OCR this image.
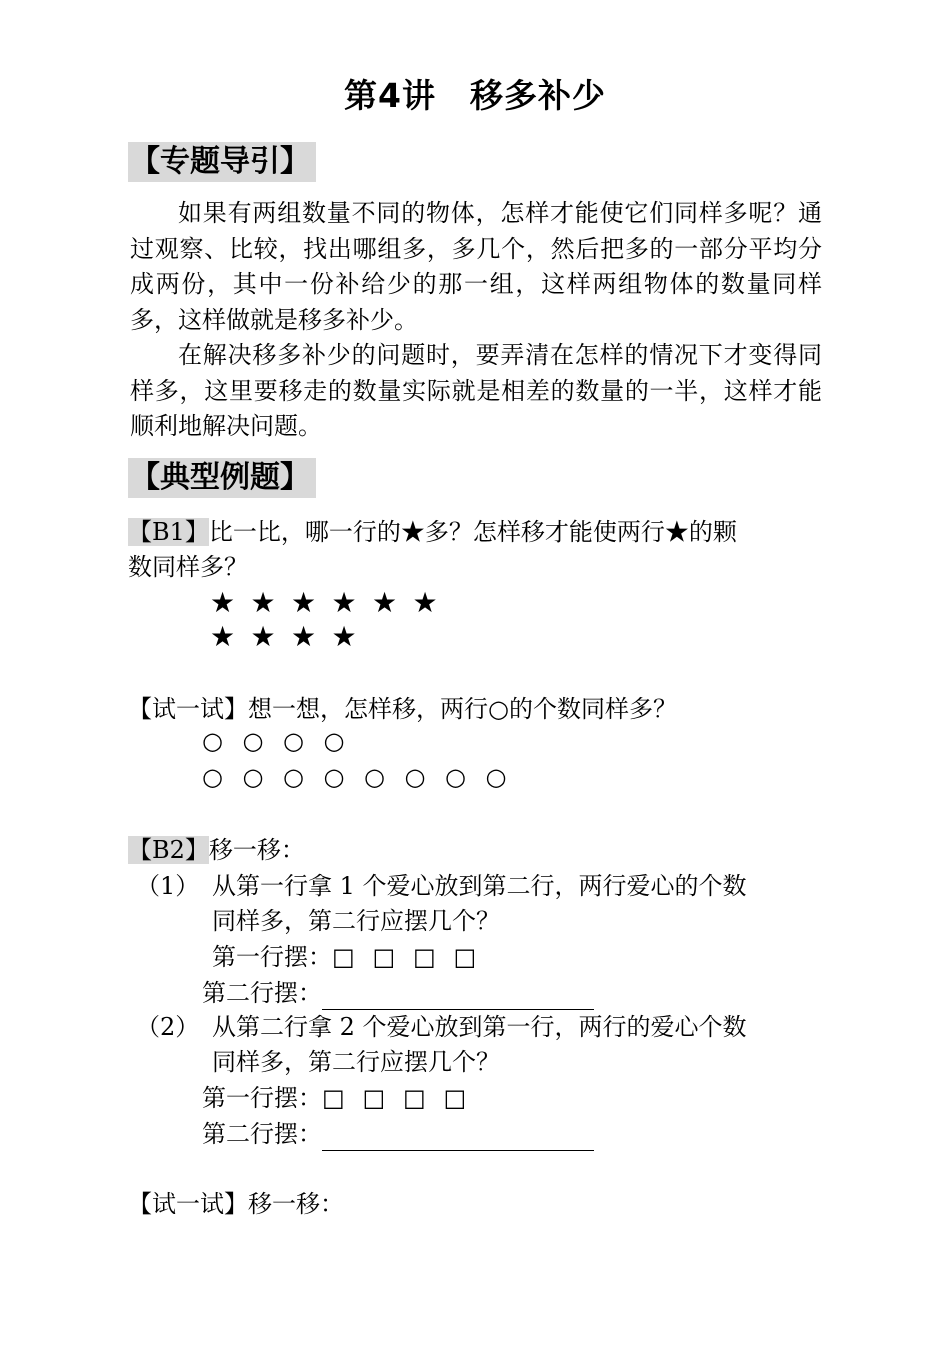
第4讲　移多补少
【专题导引】

如果有两组数量不同的物体，怎样才能使它们同样多呢？通过观察、比较，找出哪组多，多几个，然后把多的一部分平均分成两份，其中一份补给少的那一组，这样两组物体的数量同样多，这样做就是移多补少。

在解决移多补少的问题时，要弄清在怎样的情况下才变得同样多，这里要移走的数量实际就是相差的数量的一半，这样才能顺利地解决问题。

【典型例题】
【B1】比一比，哪一行的★多？怎样移才能使两行★的颗
数同样多？
★ ★ ★ ★ ★ ★
★ ★ ★ ★
【试一试】想一想，怎样移，两行○的个数同样多？
○ ○ ○ ○
○ ○ ○ ○ ○ ○ ○ ○
【B2】移一移：
（1） 从第一行拿 1 个爱心放到第二行，两行爱心的个数
同样多，第二行应摆几个？
第一行摆：□ □ □ □
第二行摆：
（2） 从第二行拿 2 个爱心放到第一行，两行的爱心个数
同样多，第二行应摆几个？
第一行摆：□ □ □ □
第二行摆：
【试一试】移一移：
